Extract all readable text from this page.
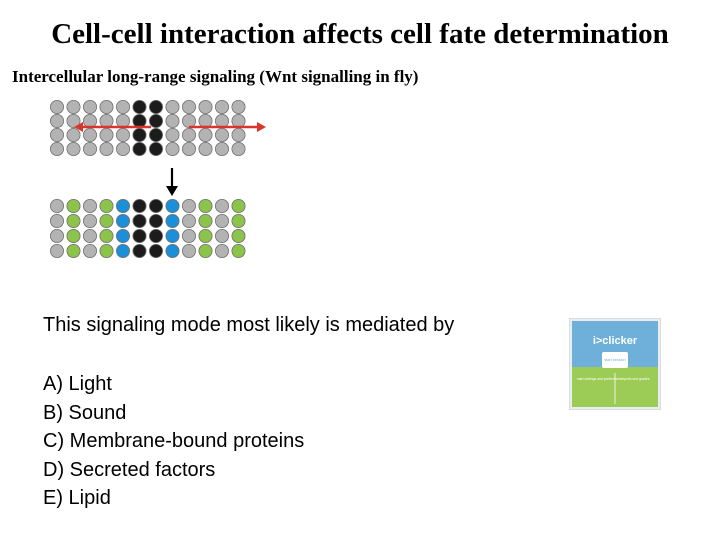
Cell-cell interaction affects cell fate determination
Intercellular long-range signaling (Wnt signalling in fly)
This signaling mode most likely is mediated by
A) Light
B) Sound
C) Membrane-bound proteins
D) Secreted factors
E) Lipid
i>clicker
start session
start settings and preferences reports and grades
